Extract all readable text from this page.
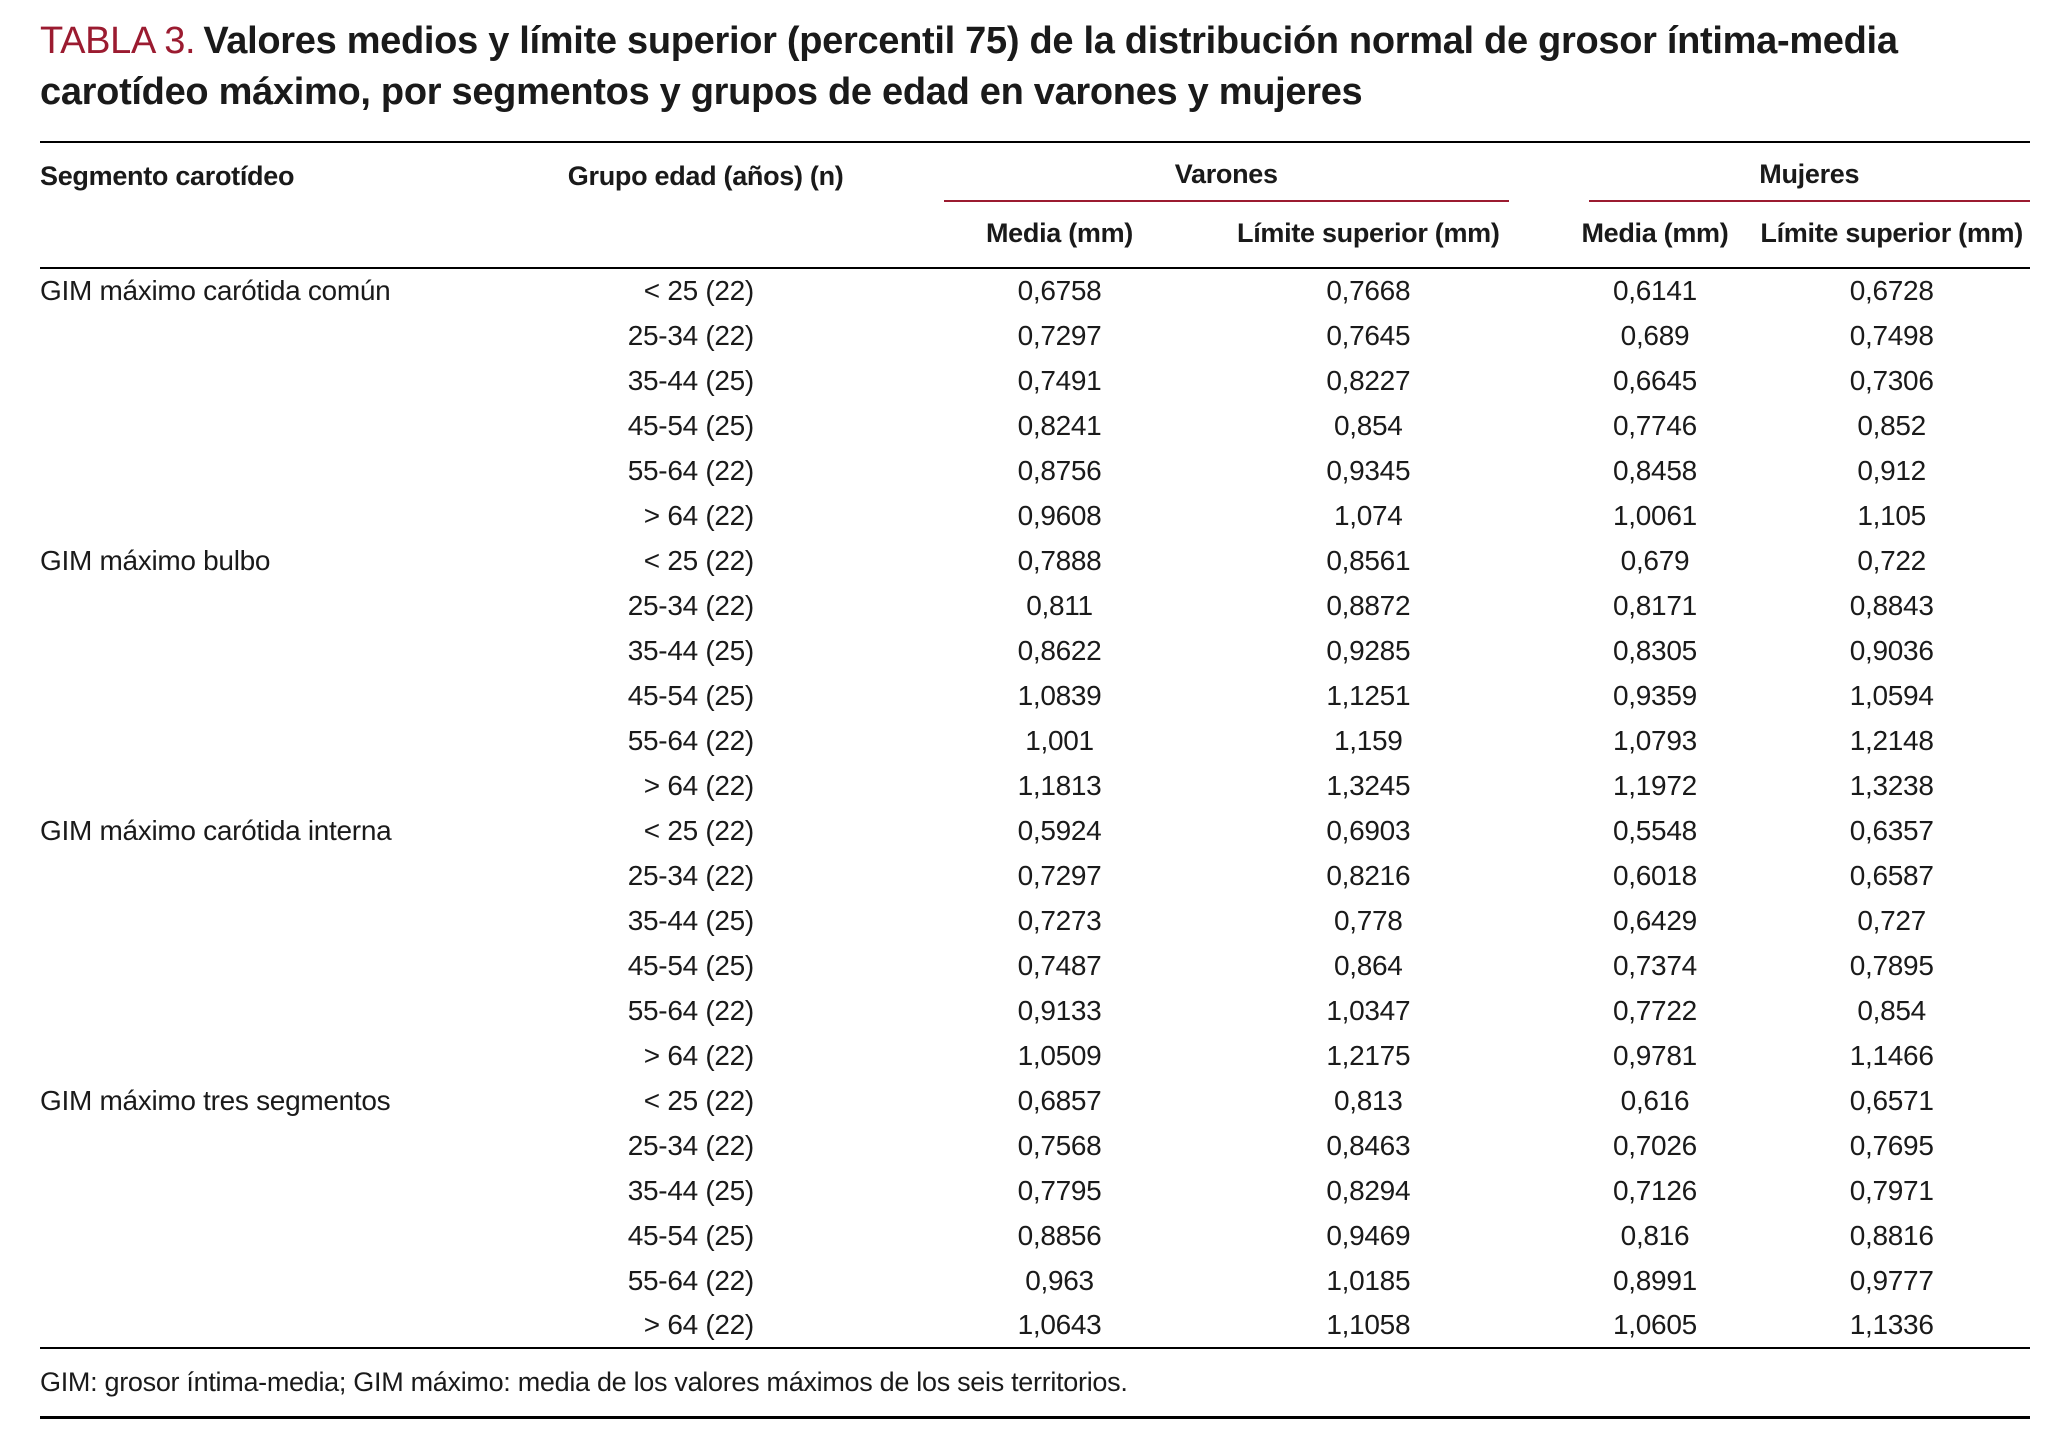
TABLA 3. Valores medios y límite superior (percentil 75) de la distribución normal de grosor íntima-media carotídeo máximo, por segmentos y grupos de edad en varones y mujeres

Segmento carotídeo	Grupo edad (años) (n)	Varones		Mujeres	

		Media (mm)	Límite superior (mm)	Media (mm)	Límite superior (mm)
GIM máximo carótida común	< 25 (22)	0,6758	0,7668	0,6141	0,6728
	25-34 (22)	0,7297	0,7645	0,689	0,7498
	35-44 (25)	0,7491	0,8227	0,6645	0,7306
	45-54 (25)	0,8241	0,854	0,7746	0,852
	55-64 (22)	0,8756	0,9345	0,8458	0,912
	> 64 (22)	0,9608	1,074	1,0061	1,105
GIM máximo bulbo	< 25 (22)	0,7888	0,8561	0,679	0,722
	25-34 (22)	0,811	0,8872	0,8171	0,8843
	35-44 (25)	0,8622	0,9285	0,8305	0,9036
	45-54 (25)	1,0839	1,1251	0,9359	1,0594
	55-64 (22)	1,001	1,159	1,0793	1,2148
	> 64 (22)	1,1813	1,3245	1,1972	1,3238
GIM máximo carótida interna	< 25 (22)	0,5924	0,6903	0,5548	0,6357
	25-34 (22)	0,7297	0,8216	0,6018	0,6587
	35-44 (25)	0,7273	0,778	0,6429	0,727
	45-54 (25)	0,7487	0,864	0,7374	0,7895
	55-64 (22)	0,9133	1,0347	0,7722	0,854
	> 64 (22)	1,0509	1,2175	0,9781	1,1466
GIM máximo tres segmentos	< 25 (22)	0,6857	0,813	0,616	0,6571
	25-34 (22)	0,7568	0,8463	0,7026	0,7695
	35-44 (25)	0,7795	0,8294	0,7126	0,7971
	45-54 (25)	0,8856	0,9469	0,816	0,8816
	55-64 (22)	0,963	1,0185	0,8991	0,9777
	> 64 (22)	1,0643	1,1058	1,0605	1,1336

GIM: grosor íntima-media; GIM máximo: media de los valores máximos de los seis territorios.
